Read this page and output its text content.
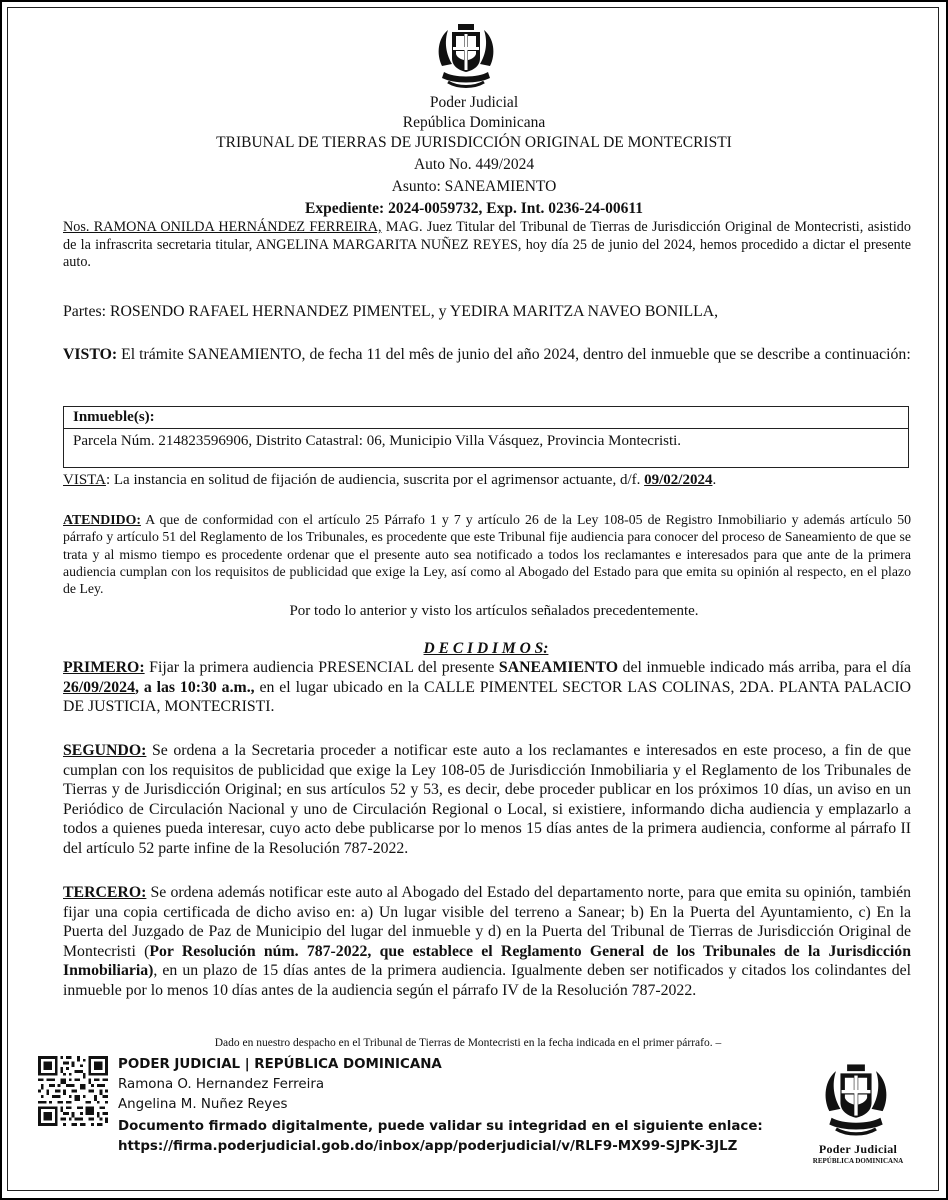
Poder Judicial
República Dominicana
TRIBUNAL DE TIERRAS DE JURISDICCIÓN ORIGINAL DE MONTECRISTI
Auto No. 449/2024
Asunto: SANEAMIENTO
Expediente: 2024-0059732, Exp. Int. 0236-24-00611
Nos. RAMONA ONILDA HERNÁNDEZ FERREIRA, MAG. Juez Titular del Tribunal de Tierras de Jurisdicción Original de Montecristi, asistido de la infrascrita secretaria titular, ANGELINA MARGARITA NUÑEZ REYES, hoy día 25 de junio del 2024, hemos procedido a dictar el presente auto.
Partes: ROSENDO RAFAEL HERNANDEZ PIMENTEL, y YEDIRA MARITZA NAVEO BONILLA,
VISTO: El trámite SANEAMIENTO, de fecha 11 del mês de junio del año 2024, dentro del inmueble que se describe a continuación:
Inmueble(s):
Parcela Núm. 214823596906, Distrito Catastral: 06, Municipio Villa Vásquez, Provincia Montecristi.
VISTA: La instancia en solitud de fijación de audiencia, suscrita por el agrimensor actuante, d/f. 09/02/2024.
ATENDIDO: A que de conformidad con el artículo 25 Párrafo 1 y 7 y artículo 26 de la Ley 108-05 de Registro Inmobiliario y además artículo 50 párrafo y artículo 51 del Reglamento de los Tribunales, es procedente que este Tribunal fije audiencia para conocer del proceso de Saneamiento de que se trata y al mismo tiempo es procedente ordenar que el presente auto sea notificado a todos los reclamantes e interesados para que ante de la primera audiencia cumplan con los requisitos de publicidad que exige la Ley, así como al Abogado del Estado para que emita su opinión al respecto, en el plazo de Ley.
Por todo lo anterior y visto los artículos señalados precedentemente.
D E C I D I M O S:
PRIMERO: Fijar la primera audiencia PRESENCIAL del presente SANEAMIENTO del inmueble indicado más arriba, para el día 26/09/2024, a las 10:30 a.m., en el lugar ubicado en la CALLE PIMENTEL SECTOR LAS COLINAS, 2DA. PLANTA PALACIO DE JUSTICIA, MONTECRISTI.
SEGUNDO: Se ordena a la Secretaria proceder a notificar este auto a los reclamantes e interesados en este proceso, a fin de que cumplan con los requisitos de publicidad que exige la Ley 108-05 de Jurisdicción Inmobiliaria y el Reglamento de los Tribunales de Tierras y de Jurisdicción Original; en sus artículos 52 y 53, es decir, debe proceder publicar en los próximos 10 días, un aviso en un Periódico de Circulación Nacional y uno de Circulación Regional o Local, si existiere, informando dicha audiencia y emplazarlo a todos a quienes pueda interesar, cuyo acto debe publicarse por lo menos 15 días antes de la primera audiencia, conforme al párrafo II del artículo 52 parte infine de la Resolución 787-2022.
TERCERO: Se ordena además notificar este auto al Abogado del Estado del departamento norte, para que emita su opinión, también fijar una copia certificada de dicho aviso en: a) Un lugar visible del terreno a Sanear; b) En la Puerta del Ayuntamiento, c) En la Puerta del Juzgado de Paz de Municipio del lugar del inmueble y d) en la Puerta del Tribunal de Tierras de Jurisdicción Original de Montecristi (Por Resolución núm. 787-2022, que establece el Reglamento General de los Tribunales de la Jurisdicción Inmobiliaria), en un plazo de 15 días antes de la primera audiencia. Igualmente deben ser notificados y citados los colindantes del inmueble por lo menos 10 días antes de la audiencia según el párrafo IV de la Resolución 787-2022.
Dado en nuestro despacho en el Tribunal de Tierras de Montecristi en la fecha indicada en el primer párrafo. –
PODER JUDICIAL | REPÚBLICA DOMINICANA
Ramona O. Hernandez Ferreira
Angelina M. Nuñez Reyes
Documento firmado digitalmente, puede validar su integridad en el siguiente enlace:
https://firma.poderjudicial.gob.do/inbox/app/poderjudicial/v/RLF9-MX99-SJPK-3JLZ	Poder Judicial
REPÚBLICA DOMINICANA
